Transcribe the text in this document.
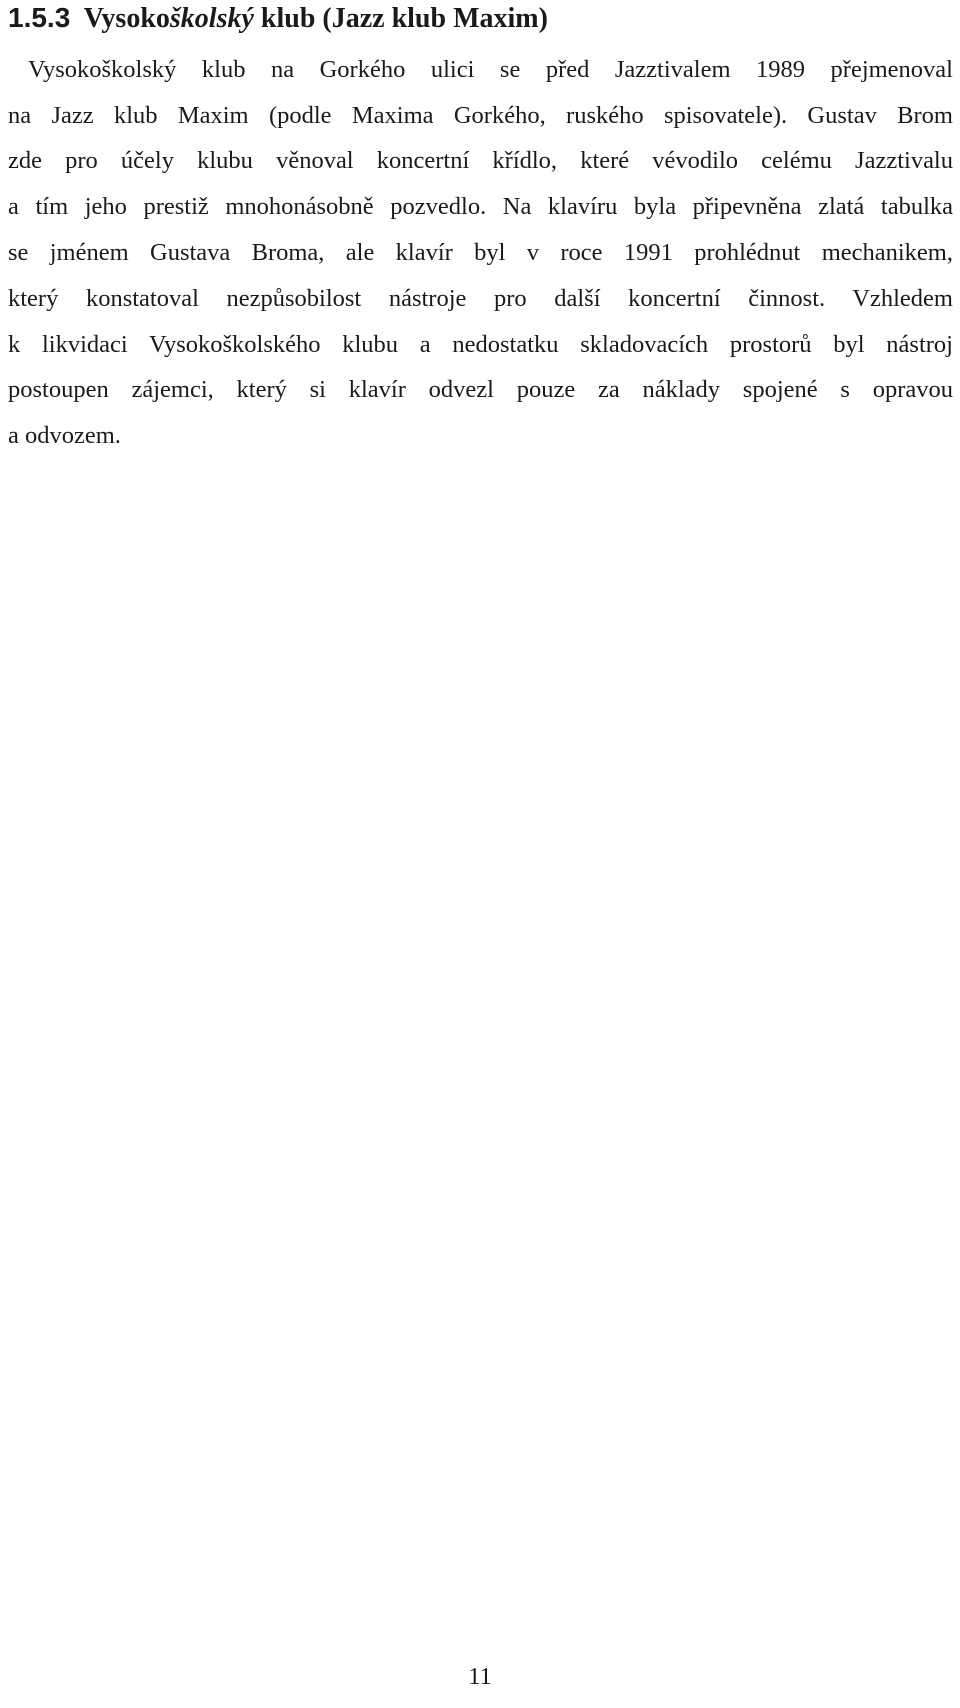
1.5.3 Vysokoškolský klub (Jazz klub Maxim)

Vysokoškolský klub na Gorkého ulici se před Jazztivalem 1989 přejmenoval

na Jazz klub Maxim (podle Maxima Gorkého, ruského spisovatele). Gustav Brom

zde pro účely klubu věnoval koncertní křídlo, které vévodilo celému Jazztivalu

a tím jeho prestiž mnohonásobně pozvedlo. Na klavíru byla připevněna zlatá tabulka

se jménem Gustava Broma, ale klavír byl v roce 1991 prohlédnut mechanikem,

který konstatoval nezpůsobilost nástroje pro další koncertní činnost. Vzhledem

k likvidaci Vysokoškolského klubu a nedostatku skladovacích prostorů byl nástroj

postoupen zájemci, který si klavír odvezl pouze za náklady spojené s opravou

a odvozem.

11
